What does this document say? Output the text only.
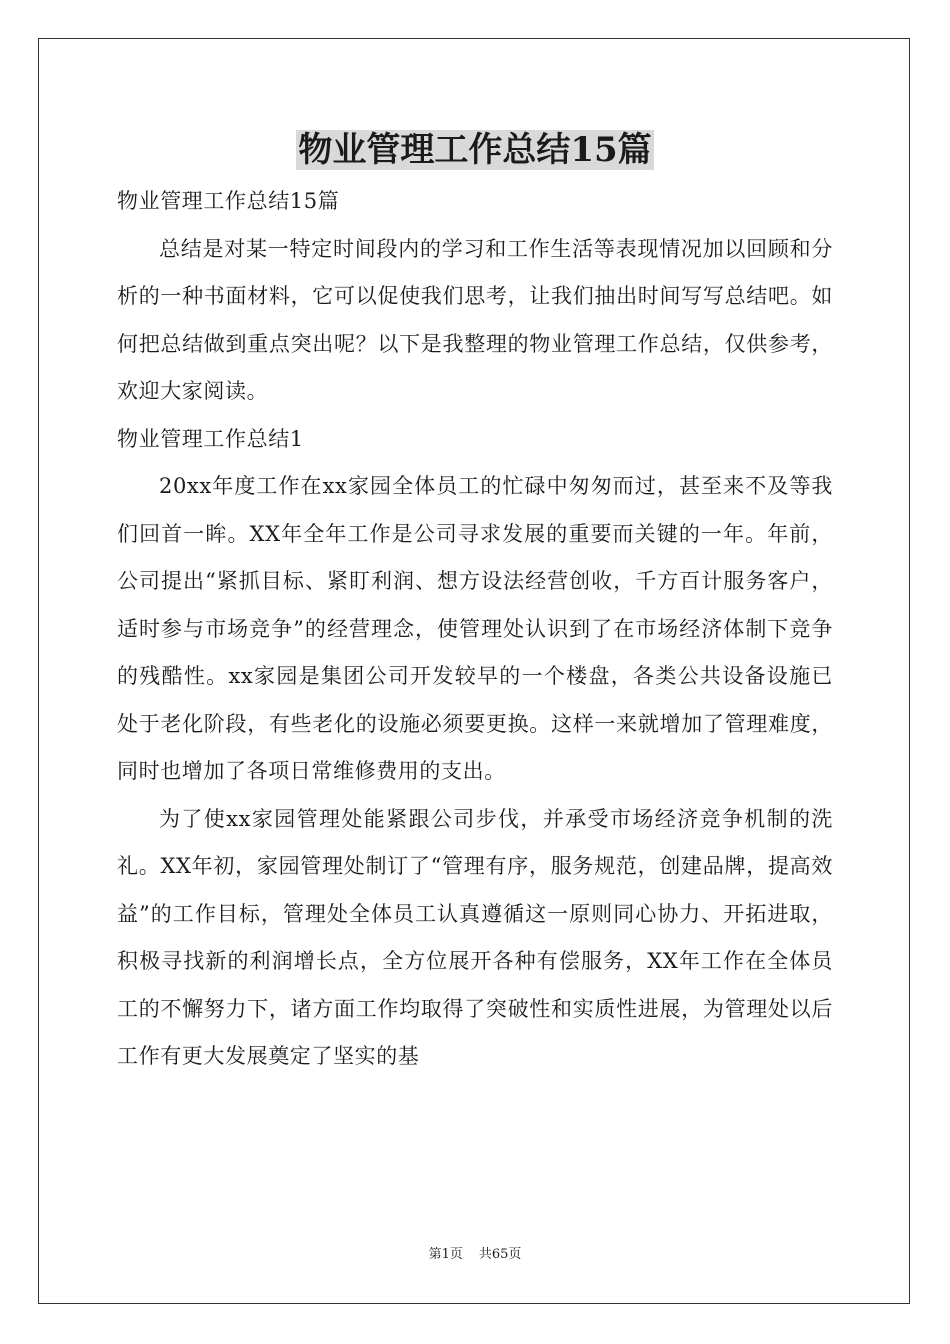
物业管理工作总结15篇

物业管理工作总结15篇

总结是对某一特定时间段内的学习和工作生活等表现情况加以回顾和分析的一种书面材料，它可以促使我们思考，让我们抽出时间写写总结吧。如何把总结做到重点突出呢？以下是我整理的物业管理工作总结，仅供参考，欢迎大家阅读。

物业管理工作总结1

20xx年度工作在xx家园全体员工的忙碌中匆匆而过，甚至来不及等我们回首一眸。XX年全年工作是公司寻求发展的重要而关键的一年。年前，公司提出“紧抓目标、紧盯利润、想方设法经营创收，千方百计服务客户，适时参与市场竞争”的经营理念，使管理处认识到了在市场经济体制下竞争的残酷性。xx家园是集团公司开发较早的一个楼盘，各类公共设备设施已处于老化阶段，有些老化的设施必须要更换。这样一来就增加了管理难度，同时也增加了各项日常维修费用的支出。

为了使xx家园管理处能紧跟公司步伐，并承受市场经济竞争机制的洗礼。XX年初，家园管理处制订了“管理有序，服务规范，创建品牌，提高效益”的工作目标，管理处全体员工认真遵循这一原则同心协力、开拓进取，积极寻找新的利润增长点，全方位展开各种有偿服务，XX年工作在全体员工的不懈努力下，诸方面工作均取得了突破性和实质性进展，为管理处以后工作有更大发展奠定了坚实的基

第1页 共65页
